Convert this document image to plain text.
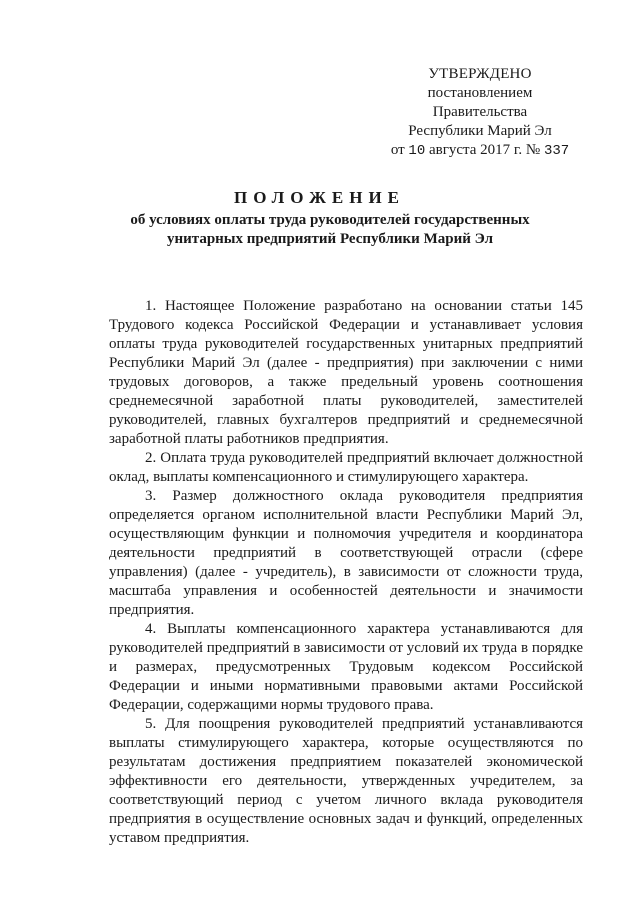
УТВЕРЖДЕНО
постановлением Правительства
Республики Марий Эл
от 10 августа 2017 г. № 337
ПОЛОЖЕНИЕ
об условиях оплаты труда руководителей государственных
унитарных предприятий Республики Марий Эл

1. Настоящее Положение разработано на основании статьи 145 Трудового кодекса Российской Федерации и устанавливает условия оплаты труда руководителей государственных унитарных предприятий Республики Марий Эл (далее - предприятия) при заключении с ними трудовых договоров, а также предельный уровень соотношения среднемесячной заработной платы руководителей, заместителей руководителей, главных бухгалтеров предприятий и среднемесячной заработной платы работников предприятия.

2. Оплата труда руководителей предприятий включает должностной оклад, выплаты компенсационного и стимулирующего характера.

3. Размер должностного оклада руководителя предприятия определяется органом исполнительной власти Республики Марий Эл, осуществляющим функции и полномочия учредителя и координатора деятельности предприятий в соответствующей отрасли (сфере управления) (далее - учредитель), в зависимости от сложности труда, масштаба управления и особенностей деятельности и значимости предприятия.

4. Выплаты компенсационного характера устанавливаются для руководителей предприятий в зависимости от условий их труда в порядке и размерах, предусмотренных Трудовым кодексом Российской Федерации и иными нормативными правовыми актами Российской Федерации, содержащими нормы трудового права.

5. Для поощрения руководителей предприятий устанавливаются выплаты стимулирующего характера, которые осуществляются по результатам достижения предприятием показателей экономической эффективности его деятельности, утвержденных учредителем, за соответствующий период с учетом личного вклада руководителя предприятия в осуществление основных задач и функций, определенных уставом предприятия.
